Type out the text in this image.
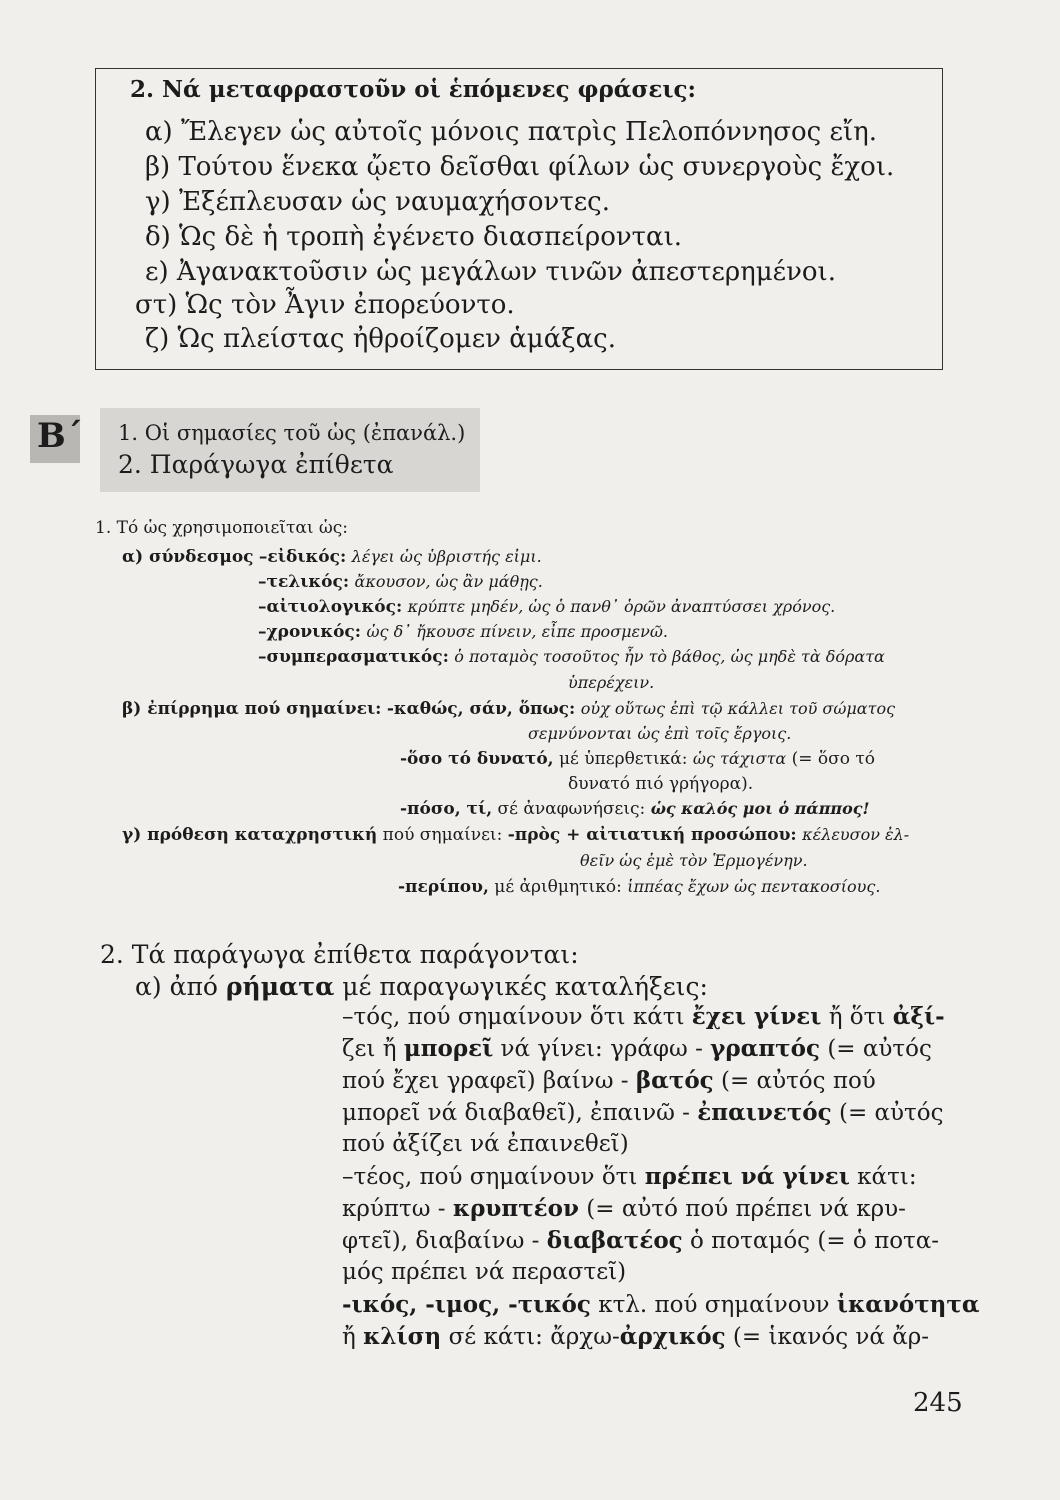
2. Νά μεταφραστοῦν οἱ ἑπόμενες φράσεις:
α) Ἔλεγεν ὡς αὐτοῖς μόνοις πατρὶς Πελοπόννησος εἴη.
β) Τούτου ἕνεκα ᾤετο δεῖσθαι φίλων ὡς συνεργοὺς ἔχοι.
γ) Ἐξέπλευσαν ὡς ναυμαχήσοντες.
δ) Ὡς δὲ ἡ τροπὴ ἐγένετο διασπείρονται.
ε) Ἀγανακτοῦσιν ὡς μεγάλων τινῶν ἀπεστερημένοι.
στ) Ὡς τὸν Ἆγιν ἐπορεύοντο.
ζ) Ὡς πλείστας ἠθροίζομεν ἁμάξας.
Β΄ 1. Οἱ σημασίες τοῦ ὡς (ἐπανάλ.)
2. Παράγωγα ἐπίθετα
1. Τό ὡς χρησιμοποιεῖται ὡς:
α) σύνδεσμος –εἰδικός: λέγει ὡς ὑβριστής εἰμι.
–τελικός: ἄκουσον, ὡς ἂν μάθῃς.
–αἰτιολογικός: κρύπτε μηδέν, ὡς ὁ πανθ᾿ ὁρῶν ἀναπτύσσει χρόνος.
–χρονικός: ὡς δ᾿ ἤκουσε πίνειν, εἶπε προσμενῶ.
–συμπερασματικός: ὁ ποταμὸς τοσοῦτος ἦν τὸ βάθος, ὡς μηδὲ τὰ δόρατα
ὑπερέχειν.
β) ἐπίρρημα πού σημαίνει: -καθώς, σάν, ὅπως: οὐχ οὕτως ἐπὶ τῷ κάλλει τοῦ σώματος
σεμνύνονται ὡς ἐπὶ τοῖς ἔργοις.
-ὅσο τό δυνατό, μέ ὑπερθετικά: ὡς τάχιστα (= ὅσο τό
δυνατό πιό γρήγορα).
-πόσο, τί, σέ ἀναφωνήσεις: ὡς καλός μοι ὁ πάππος!
γ) πρόθεση καταχρηστική πού σημαίνει: -πρὸς + αἰτιατική προσώπου: κέλευσον ἐλ-
θεῖν ὡς ἐμὲ τὸν Ἑρμογένην.
-περίπου, μέ ἀριθμητικό: ἱππέας ἔχων ὡς πεντακοσίους.
2. Τά παράγωγα ἐπίθετα παράγονται:
α) ἀπό ρήματα μέ παραγωγικές καταλήξεις:
–τός, πού σημαίνουν ὅτι κάτι ἔχει γίνει ἤ ὅτι ἀξί-
ζει ἤ μπορεῖ νά γίνει: γράφω - γραπτός (= αὐτός
πού ἔχει γραφεῖ) βαίνω - βατός (= αὐτός πού
μπορεῖ νά διαβαθεῖ), ἐπαινῶ - ἐπαινετός (= αὐτός
πού ἀξίζει νά ἐπαινεθεῖ)
–τέος, πού σημαίνουν ὅτι πρέπει νά γίνει κάτι:
κρύπτω - κρυπτέον (= αὐτό πού πρέπει νά κρυ-
φτεῖ), διαβαίνω - διαβατέος ὁ ποταμός (= ὁ ποτα-
μός πρέπει νά περαστεῖ)
-ικός, -ιμος, -τικός κτλ. πού σημαίνουν ἱκανότητα
ἤ κλίση σέ κάτι: ἄρχω-ἀρχικός (= ἱκανός νά ἄρ-
245
